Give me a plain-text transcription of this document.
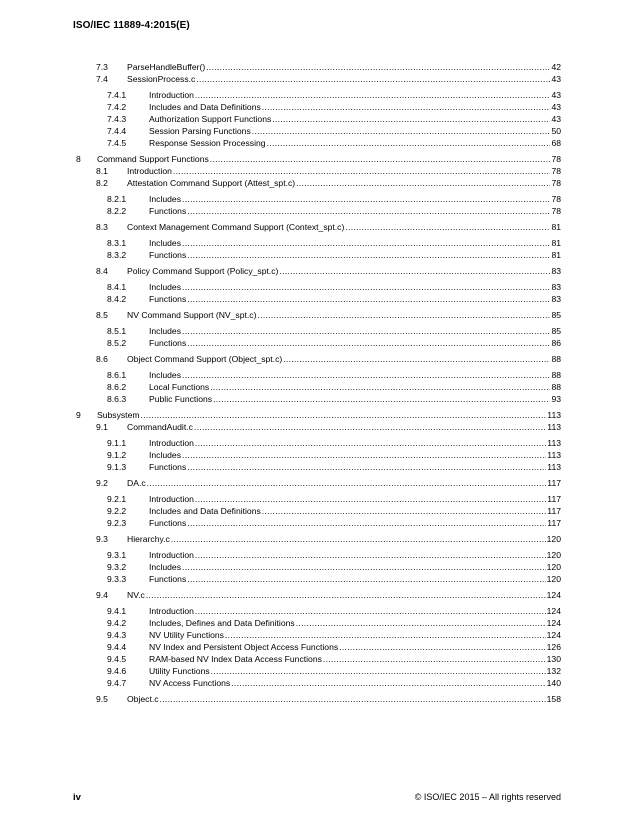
ISO/IEC 11889-4:2015(E)
7.3	ParseHandleBuffer() .....	42
7.4	SessionProcess.c .....	43
7.4.1	Introduction .....	43
7.4.2	Includes and Data Definitions .....	43
7.4.3	Authorization Support Functions .....	43
7.4.4	Session Parsing Functions .....	50
7.4.5	Response Session Processing .....	68
8	Command Support Functions .....	78
8.1	Introduction .....	78
8.2	Attestation Command Support (Attest_spt.c) .....	78
8.2.1	Includes .....	78
8.2.2	Functions .....	78
8.3	Context Management Command Support (Context_spt.c) .....	81
8.3.1	Includes .....	81
8.3.2	Functions .....	81
8.4	Policy Command Support (Policy_spt.c) .....	83
8.4.1	Includes .....	83
8.4.2	Functions .....	83
8.5	NV Command Support (NV_spt.c) .....	85
8.5.1	Includes .....	85
8.5.2	Functions .....	86
8.6	Object Command Support (Object_spt.c) .....	88
8.6.1	Includes .....	88
8.6.2	Local Functions .....	88
8.6.3	Public Functions .....	93
9	Subsystem .....	113
9.1	CommandAudit.c .....	113
9.1.1	Introduction .....	113
9.1.2	Includes .....	113
9.1.3	Functions .....	113
9.2	DA.c .....	117
9.2.1	Introduction .....	117
9.2.2	Includes and Data Definitions .....	117
9.2.3	Functions .....	117
9.3	Hierarchy.c .....	120
9.3.1	Introduction .....	120
9.3.2	Includes .....	120
9.3.3	Functions .....	120
9.4	NV.c .....	124
9.4.1	Introduction .....	124
9.4.2	Includes, Defines and Data Definitions .....	124
9.4.3	NV Utility Functions .....	124
9.4.4	NV Index and Persistent Object Access Functions .....	126
9.4.5	RAM-based NV Index Data Access Functions .....	130
9.4.6	Utility Functions .....	132
9.4.7	NV Access Functions .....	140
9.5	Object.c .....	158
iv	© ISO/IEC 2015 – All rights reserved
